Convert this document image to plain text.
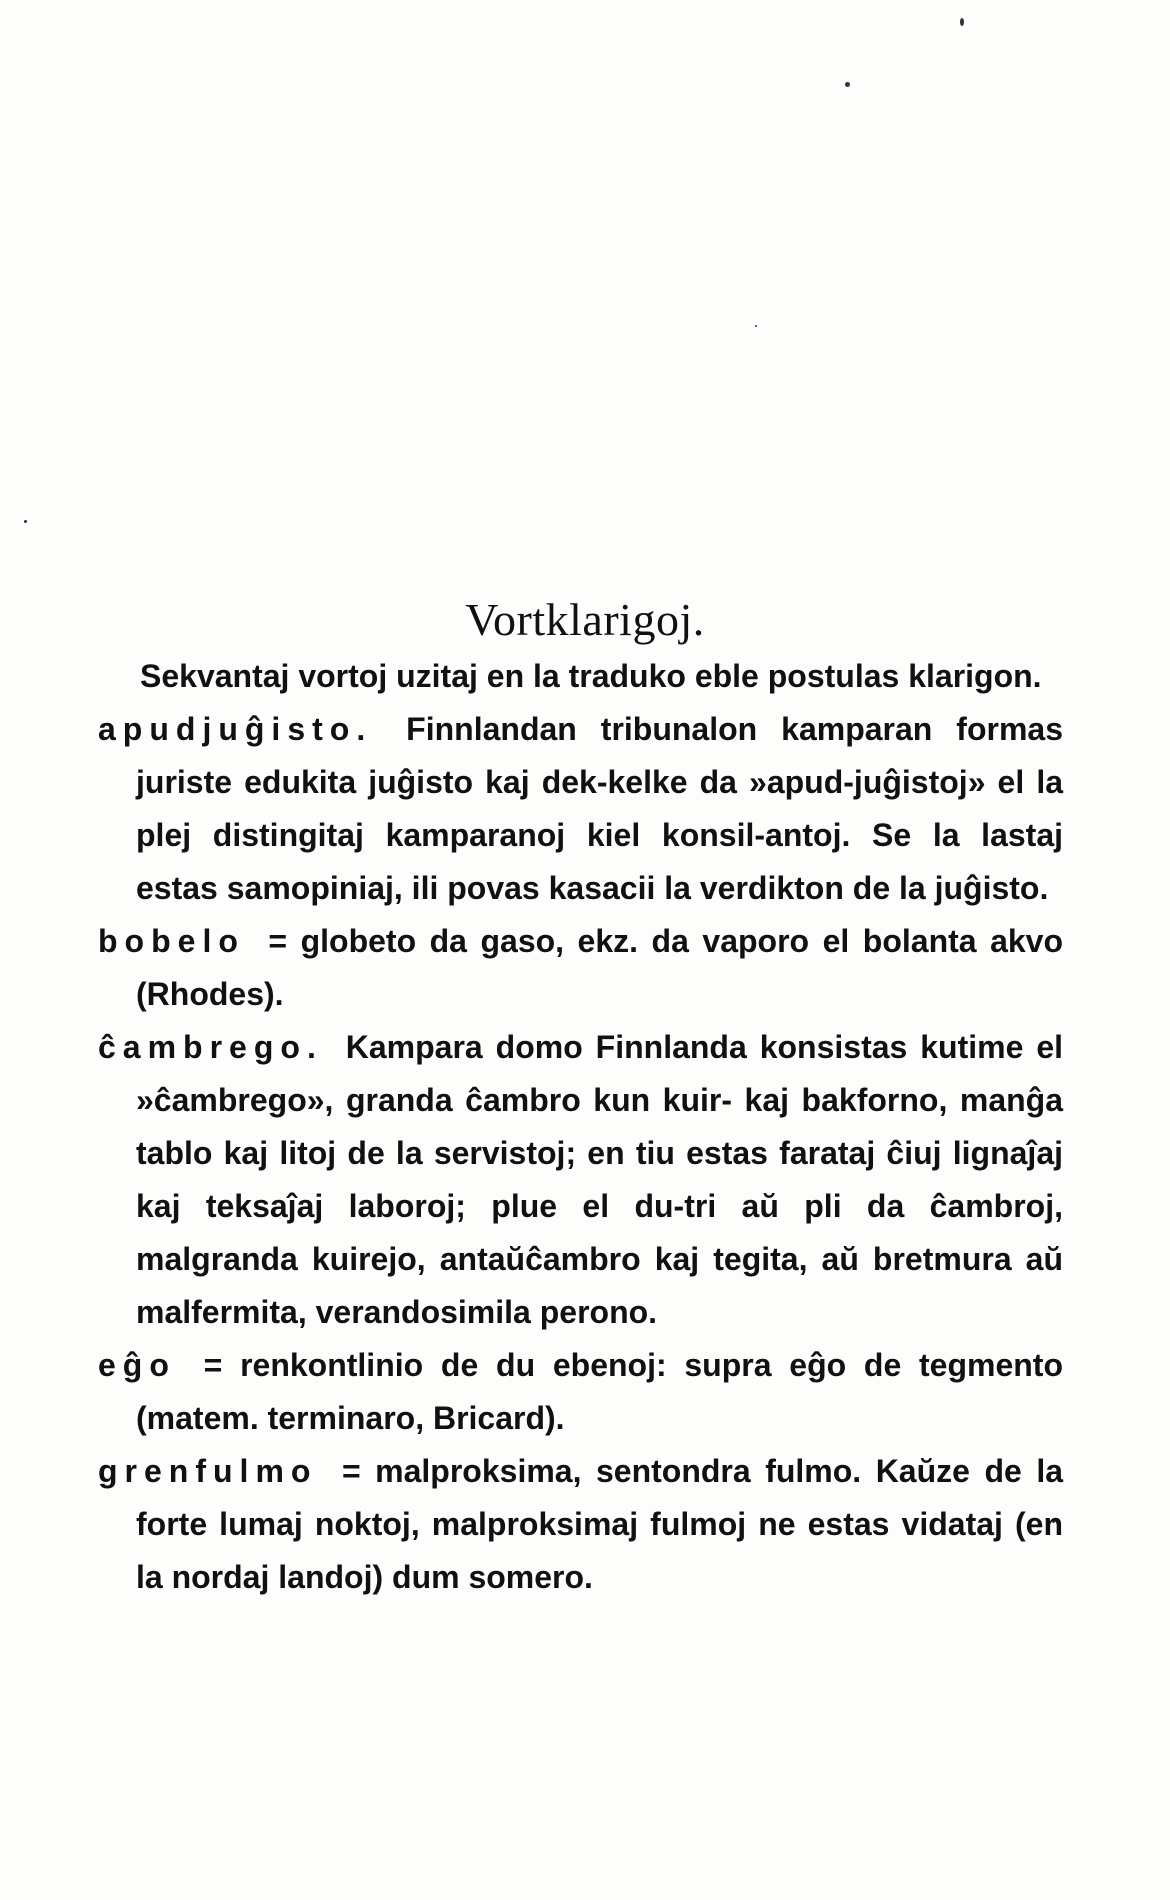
Vortklarigoj.

Sekvantaj vortoj uzitaj en la traduko eble postulas klarigon.

apudjuĝisto. Finnlandan tribunalon kamparan formas juriste edukita juĝisto kaj dek-kelke da »apud-juĝistoj» el la plej distingitaj kamparanoj kiel konsil-antoj. Se la lastaj estas samopiniaj, ili povas kasacii la verdikton de la juĝisto.

bobelo = globeto da gaso, ekz. da vaporo el bolanta akvo (Rhodes).

ĉambrego. Kampara domo Finnlanda konsistas kutime el »ĉambrego», granda ĉambro kun kuir- kaj bakforno, manĝa tablo kaj litoj de la servistoj; en tiu estas farataj ĉiuj lignaĵaj kaj teksaĵaj laboroj; plue el du-tri aŭ pli da ĉambroj, malgranda kuirejo, antaŭĉambro kaj tegita, aŭ bretmura aŭ malfermita, verandosimila perono.

eĝo = renkontlinio de du ebenoj: supra eĝo de tegmento (matem. terminaro, Bricard).

grenfulmo = malproksima, sentondra fulmo. Kaŭze de la forte lumaj noktoj, malproksimaj fulmoj ne estas vidataj (en la nordaj landoj) dum somero.
